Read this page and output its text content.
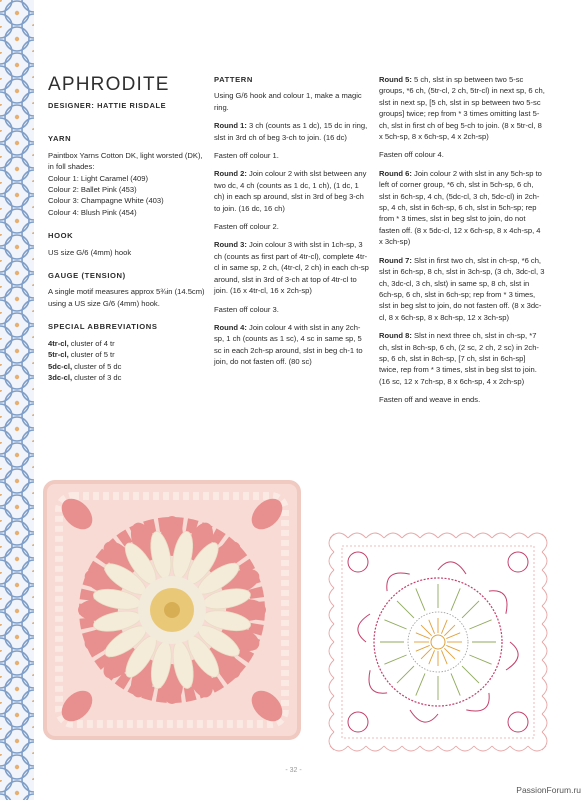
APHRODITE
DESIGNER: HATTIE RISDALE
YARN
Paintbox Yarns Cotton DK, light worsted (DK), in foll shades:
Colour 1: Light Caramel (409)
Colour 2: Ballet Pink (453)
Colour 3: Champagne White (403)
Colour 4: Blush Pink (454)
HOOK
US size G/6 (4mm) hook
GAUGE (TENSION)
A single motif measures approx 5¾in (14.5cm) using a US size G/6 (4mm) hook.
SPECIAL ABBREVIATIONS
4tr-cl, cluster of 4 tr
5tr-cl, cluster of 5 tr
5dc-cl, cluster of 5 dc
3dc-cl, cluster of 3 dc
PATTERN

Using G/6 hook and colour 1, make a magic ring.

Round 1: 3 ch (counts as 1 dc), 15 dc in ring, slst in 3rd ch of beg 3-ch to join. (16 dc)

Fasten off colour 1.

Round 2: Join colour 2 with slst between any two dc, 4 ch (counts as 1 dc, 1 ch), (1 dc, 1 ch) in each sp around, slst in 3rd of beg 3-ch to join. (16 dc, 16 ch)

Fasten off colour 2.

Round 3: Join colour 3 with slst in 1ch-sp, 3 ch (counts as first part of 4tr-cl), complete 4tr-cl in same sp, 2 ch, (4tr-cl, 2 ch) in each ch-sp around, slst in 3rd of 3-ch at top of 4tr-cl to join. (16 x 4tr-cl, 16 x 2ch-sp)

Fasten off colour 3.

Round 4: Join colour 4 with slst in any 2ch-sp, 1 ch (counts as 1 sc), 4 sc in same sp, 5 sc in each 2ch-sp around, slst in beg ch-1 to join, do not fasten off. (80 sc)

Round 5: 5 ch, slst in sp between two 5-sc groups, *6 ch, (5tr-cl, 2 ch, 5tr-cl) in next sp, 6 ch, slst in next sp, [5 ch, slst in sp between two 5-sc groups] twice; rep from * 3 times omitting last 5-ch, slst in first ch of beg 5-ch to join. (8 x 5tr-cl, 8 x 5ch-sp, 8 x 6ch-sp, 4 x 2ch-sp)

Fasten off colour 4.

Round 6: Join colour 2 with slst in any 5ch-sp to left of corner group, *6 ch, slst in 5ch-sp, 6 ch, slst in 6ch-sp, 4 ch, (5dc-cl, 3 ch, 5dc-cl) in 2ch-sp, 4 ch, slst in 6ch-sp, 6 ch, slst in 5ch-sp; rep from * 3 times, slst in beg slst to join, do not fasten off. (8 x 5dc-cl, 12 x 6ch-sp, 8 x 4ch-sp, 4 x 3ch-sp)

Round 7: Slst in first two ch, slst in ch-sp, *6 ch, slst in 6ch-sp, 8 ch, slst in 3ch-sp, (3 ch, 3dc-cl, 3 ch, 3dc-cl, 3 ch, slst) in same sp, 8 ch, slst in 6ch-sp, 6 ch, slst in 6ch-sp; rep from * 3 times, slst in beg slst to join, do not fasten off. (8 x 3dc-cl, 8 x 6ch-sp, 8 x 8ch-sp, 12 x 3ch-sp)

Round 8: Slst in next three ch, slst in ch-sp, *7 ch, slst in 8ch-sp, 6 ch, (2 sc, 2 ch, 2 sc) in 2ch-sp, 6 ch, slst in 8ch-sp, [7 ch, slst in 6ch-sp] twice, rep from * 3 times, slst in beg slst to join. (16 sc, 12 x 7ch-sp, 8 x 6ch-sp, 4 x 2ch-sp)

Fasten off and weave in ends.

- 32 -
PassionForum.ru
